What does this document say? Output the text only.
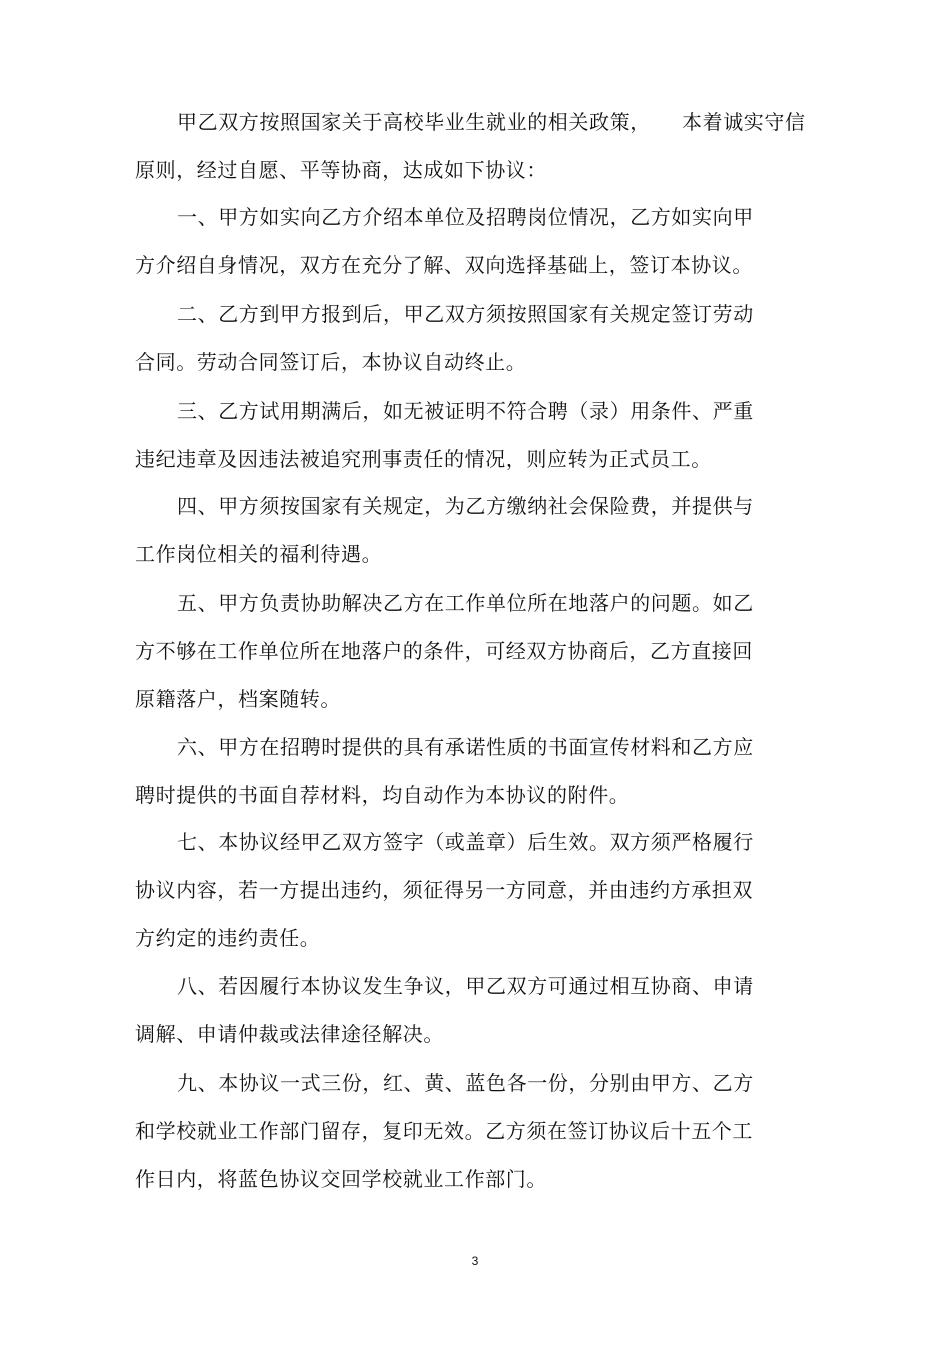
甲乙双方按照国家关于高校毕业生就业的相关政策，　　本着诚实守信
原则，经过自愿、平等协商，达成如下协议：
一、甲方如实向乙方介绍本单位及招聘岗位情况，乙方如实向甲
方介绍自身情况，双方在充分了解、双向选择基础上，签订本协议。
二、乙方到甲方报到后，甲乙双方须按照国家有关规定签订劳动
合同。劳动合同签订后，本协议自动终止。
三、乙方试用期满后，如无被证明不符合聘（录）用条件、严重
违纪违章及因违法被追究刑事责任的情况，则应转为正式员工。
四、甲方须按国家有关规定，为乙方缴纳社会保险费，并提供与
工作岗位相关的福利待遇。
五、甲方负责协助解决乙方在工作单位所在地落户的问题。如乙
方不够在工作单位所在地落户的条件，可经双方协商后，乙方直接回
原籍落户，档案随转。
六、甲方在招聘时提供的具有承诺性质的书面宣传材料和乙方应
聘时提供的书面自荐材料，均自动作为本协议的附件。
七、本协议经甲乙双方签字（或盖章）后生效。双方须严格履行
协议内容，若一方提出违约，须征得另一方同意，并由违约方承担双
方约定的违约责任。
八、若因履行本协议发生争议，甲乙双方可通过相互协商、申请
调解、申请仲裁或法律途径解决。
九、本协议一式三份，红、黄、蓝色各一份，分别由甲方、乙方
和学校就业工作部门留存，复印无效。乙方须在签订协议后十五个工
作日内，将蓝色协议交回学校就业工作部门。
3
